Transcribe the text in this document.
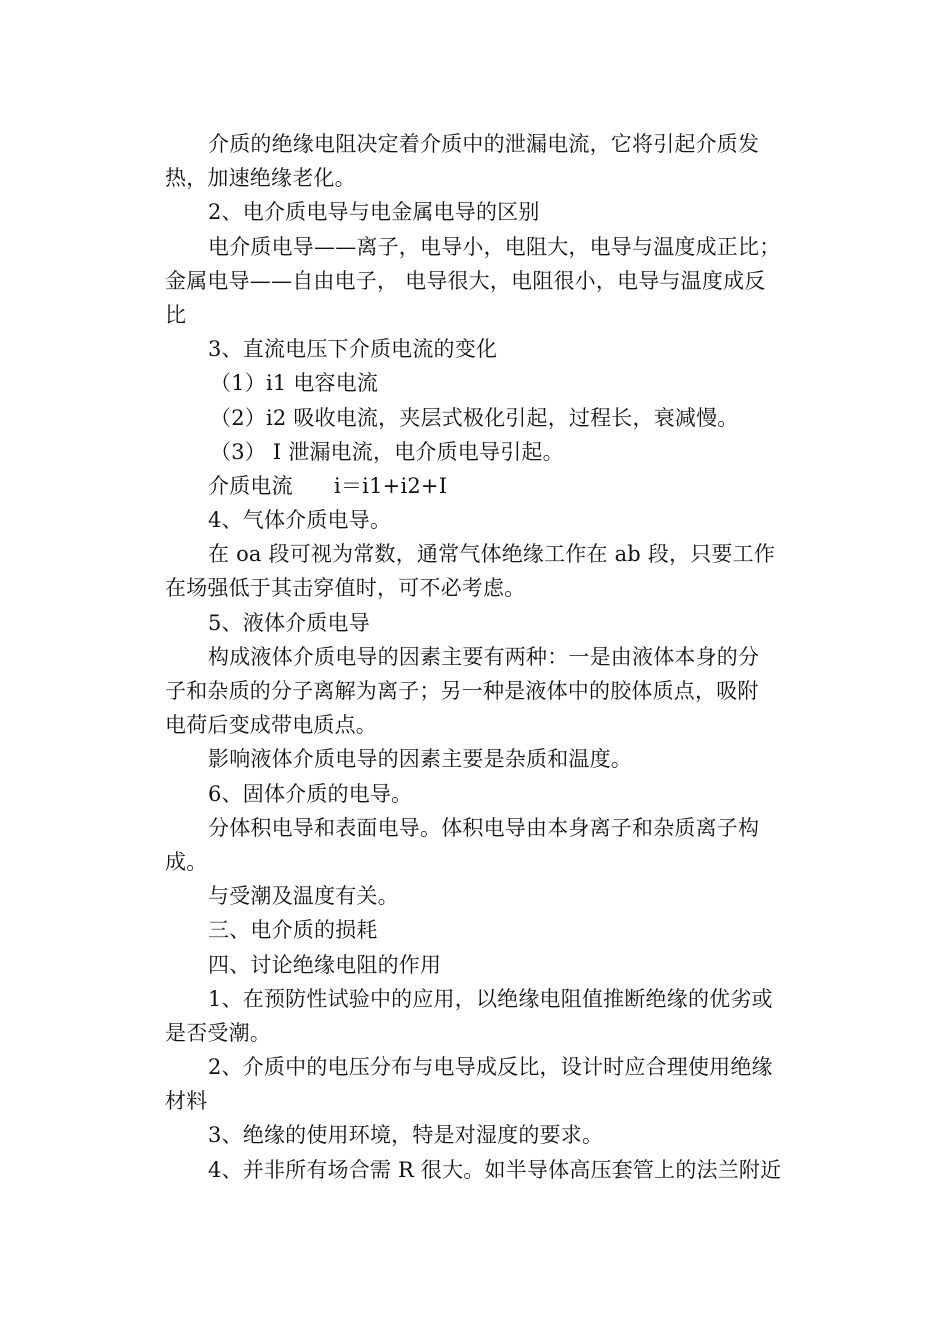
介质的绝缘电阻决定着介质中的泄漏电流，它将引起介质发
热，加速绝缘老化。
2、电介质电导与电金属电导的区别
电介质电导——离子，电导小，电阻大，电导与温度成正比；
金属电导——自由电子， 电导很大，电阻很小，电导与温度成反
比
3、直流电压下介质电流的变化
（1）i1 电容电流
（2）i2 吸收电流，夹层式极化引起，过程长，衰减慢。
（3） I 泄漏电流，电介质电导引起。
介质电流      i＝i1+i2+I
4、气体介质电导。
在 oa 段可视为常数，通常气体绝缘工作在 ab 段，只要工作
在场强低于其击穿值时，可不必考虑。
5、液体介质电导
构成液体介质电导的因素主要有两种：一是由液体本身的分
子和杂质的分子离解为离子；另一种是液体中的胶体质点，吸附
电荷后变成带电质点。
影响液体介质电导的因素主要是杂质和温度。
6、固体介质的电导。
分体积电导和表面电导。体积电导由本身离子和杂质离子构
成。
与受潮及温度有关。
三、电介质的损耗
四、讨论绝缘电阻的作用
1、在预防性试验中的应用，以绝缘电阻值推断绝缘的优劣或
是否受潮。
2、介质中的电压分布与电导成反比，设计时应合理使用绝缘
材料
3、绝缘的使用环境，特是对湿度的要求。
4、并非所有场合需 R 很大。如半导体高压套管上的法兰附近
